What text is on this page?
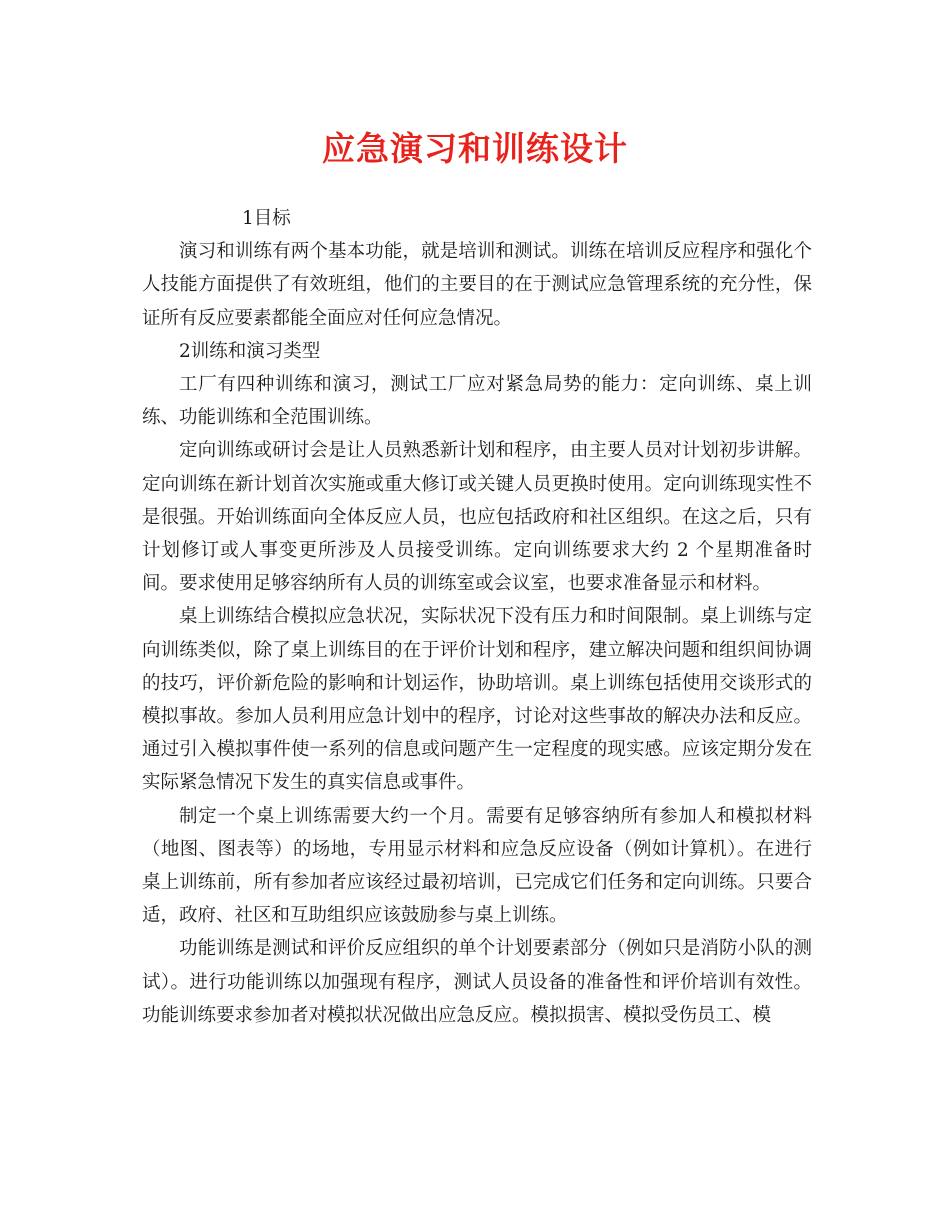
应急演习和训练设计

1目标

演习和训练有两个基本功能，就是培训和测试。训练在培训反应程序和强化个人技能方面提供了有效班组，他们的主要目的在于测试应急管理系统的充分性，保证所有反应要素都能全面应对任何应急情况。

2训练和演习类型

工厂有四种训练和演习，测试工厂应对紧急局势的能力：定向训练、桌上训练、功能训练和全范围训练。

定向训练或研讨会是让人员熟悉新计划和程序，由主要人员对计划初步讲解。定向训练在新计划首次实施或重大修订或关键人员更换时使用。定向训练现实性不是很强。开始训练面向全体反应人员，也应包括政府和社区组织。在这之后，只有计划修订或人事变更所涉及人员接受训练。定向训练要求大约 2 个星期准备时间。要求使用足够容纳所有人员的训练室或会议室，也要求准备显示和材料。

桌上训练结合模拟应急状况，实际状况下没有压力和时间限制。桌上训练与定向训练类似，除了桌上训练目的在于评价计划和程序，建立解决问题和组织间协调的技巧，评价新危险的影响和计划运作，协助培训。桌上训练包括使用交谈形式的模拟事故。参加人员利用应急计划中的程序，讨论对这些事故的解决办法和反应。通过引入模拟事件使一系列的信息或问题产生一定程度的现实感。应该定期分发在实际紧急情况下发生的真实信息或事件。

制定一个桌上训练需要大约一个月。需要有足够容纳所有参加人和模拟材料（地图、图表等）的场地，专用显示材料和应急反应设备（例如计算机）。在进行桌上训练前，所有参加者应该经过最初培训，已完成它们任务和定向训练。只要合适，政府、社区和互助组织应该鼓励参与桌上训练。

功能训练是测试和评价反应组织的单个计划要素部分（例如只是消防小队的测试）。进行功能训练以加强现有程序，测试人员设备的准备性和评价培训有效性。功能训练要求参加者对模拟状况做出应急反应。模拟损害、模拟受伤员工、模
